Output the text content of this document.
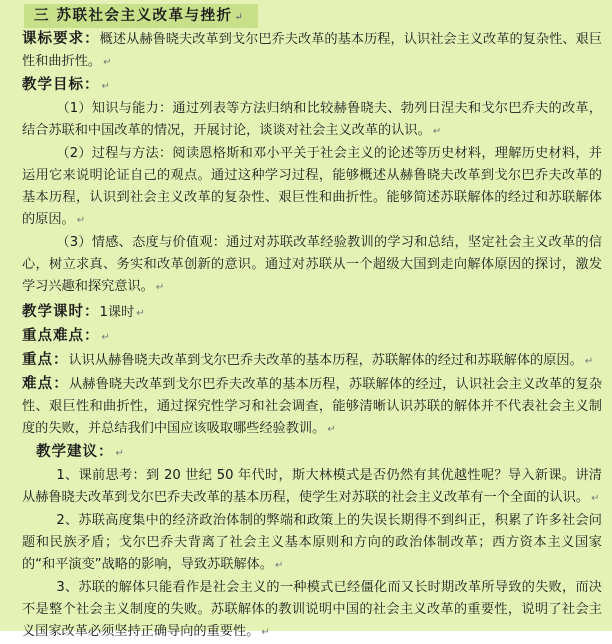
三 苏联社会主义改革与挫折 ↵

课标要求：概述从赫鲁晓夫改革到戈尔巴乔夫改革的基本历程，认识社会主义改革的复杂性、艰巨性和曲折性。 ↵

教学目标： ↵

（1）知识与能力：通过列表等方法归纳和比较赫鲁晓夫、勃列日涅夫和戈尔巴乔夫的改革，结合苏联和中国改革的情况，开展讨论，谈谈对社会主义改革的认识。 ↵

（2）过程与方法：阅读恩格斯和邓小平关于社会主义的论述等历史材料，理解历史材料，并运用它来说明论证自己的观点。通过这种学习过程，能够概述从赫鲁晓夫改革到戈尔巴乔夫改革的基本历程，认识到社会主义改革的复杂性、艰巨性和曲折性。能够简述苏联解体的经过和苏联解体的原因。 ↵

（3）情感、态度与价值观：通过对苏联改革经验教训的学习和总结，坚定社会主义改革的信心，树立求真、务实和改革创新的意识。通过对苏联从一个超级大国到走向解体原因的探讨，激发学习兴趣和探究意识。 ↵

教学课时：1课时 ↵

重点难点： ↵

重点：认识从赫鲁晓夫改革到戈尔巴乔夫改革的基本历程，苏联解体的经过和苏联解体的原因。 ↵

难点：从赫鲁晓夫改革到戈尔巴乔夫改革的基本历程，苏联解体的经过，认识社会主义改革的复杂性、艰巨性和曲折性，通过探究性学习和社会调查，能够清晰认识苏联的解体并不代表社会主义制度的失败，并总结我们中国应该吸取哪些经验教训。 ↵

教学建议： ↵

1、课前思考：到 20 世纪 50 年代时，斯大林模式是否仍然有其优越性呢？导入新课。讲清从赫鲁晓夫改革到戈尔巴乔夫改革的基本历程，使学生对苏联的社会主义改革有一个全面的认识。 ↵

2、苏联高度集中的经济政治体制的弊端和政策上的失误长期得不到纠正，积累了许多社会问题和民族矛盾；戈尔巴乔夫背离了社会主义基本原则和方向的政治体制改革；西方资本主义国家的“和平演变”战略的影响，导致苏联解体。 ↵

3、苏联的解体只能看作是社会主义的一种模式已经僵化而又长时期改革所导致的失败，而决不是整个社会主义制度的失败。苏联解体的教训说明中国的社会主义改革的重要性，说明了社会主义国家改革必须坚持正确导向的重要性。 ↵
